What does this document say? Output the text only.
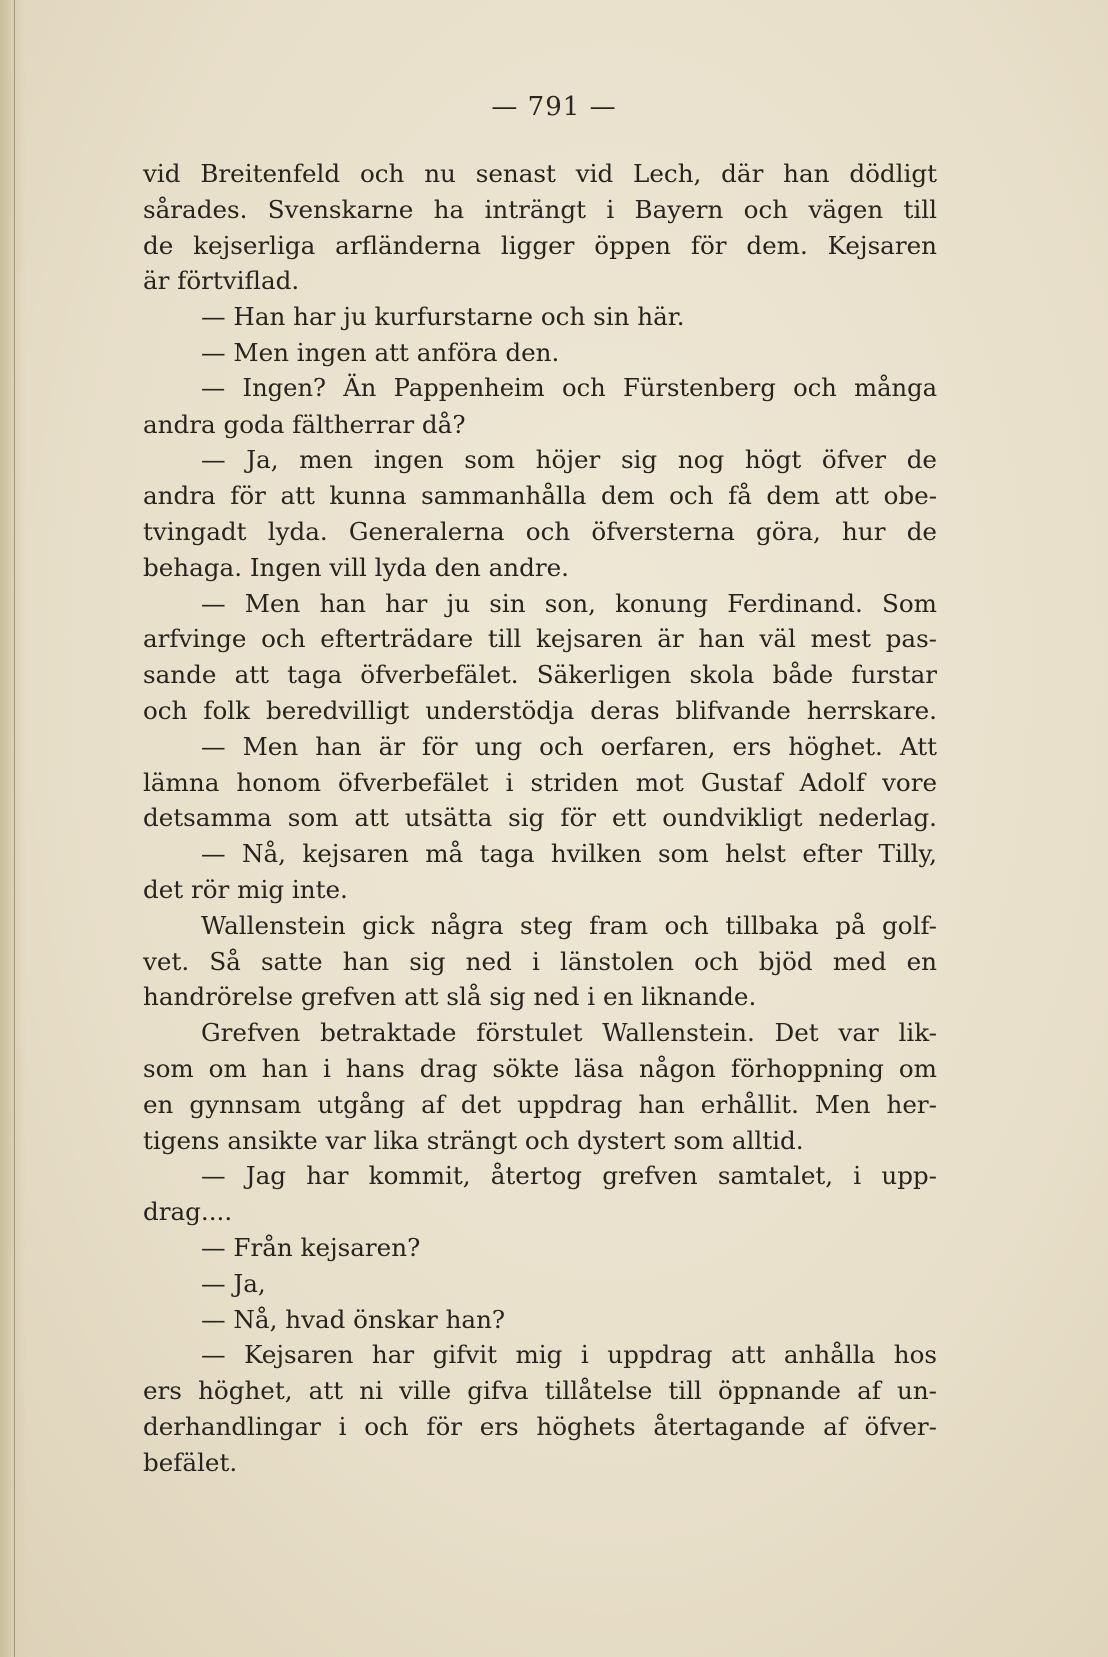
— 791 —
vid Breitenfeld och nu senast vid Lech, där han dödligt
sårades. Svenskarne ha inträngt i Bayern och vägen till
de kejserliga arfländerna ligger öppen för dem. Kejsaren
är förtviflad.
— Han har ju kurfurstarne och sin här.
— Men ingen att anföra den.
— Ingen? Än Pappenheim och Fürstenberg och många
andra goda fältherrar då?
— Ja, men ingen som höjer sig nog högt öfver de
andra för att kunna sammanhålla dem och få dem att obe-
tvingadt lyda. Generalerna och öfversterna göra, hur de
behaga. Ingen vill lyda den andre.
— Men han har ju sin son, konung Ferdinand. Som
arfvinge och efterträdare till kejsaren är han väl mest pas-
sande att taga öfverbefälet. Säkerligen skola både furstar
och folk beredvilligt understödja deras blifvande herrskare.
— Men han är för ung och oerfaren, ers höghet. Att
lämna honom öfverbefälet i striden mot Gustaf Adolf vore
detsamma som att utsätta sig för ett oundvikligt nederlag.
— Nå, kejsaren må taga hvilken som helst efter Tilly,
det rör mig inte.
Wallenstein gick några steg fram och tillbaka på golf-
vet. Så satte han sig ned i länstolen och bjöd med en
handrörelse grefven att slå sig ned i en liknande.
Grefven betraktade förstulet Wallenstein. Det var lik-
som om han i hans drag sökte läsa någon förhoppning om
en gynnsam utgång af det uppdrag han erhållit. Men her-
tigens ansikte var lika strängt och dystert som alltid.
— Jag har kommit, återtog grefven samtalet, i upp-
drag....
— Från kejsaren?
— Ja,
— Nå, hvad önskar han?
— Kejsaren har gifvit mig i uppdrag att anhålla hos
ers höghet, att ni ville gifva tillåtelse till öppnande af un-
derhandlingar i och för ers höghets återtagande af öfver-
befälet.
